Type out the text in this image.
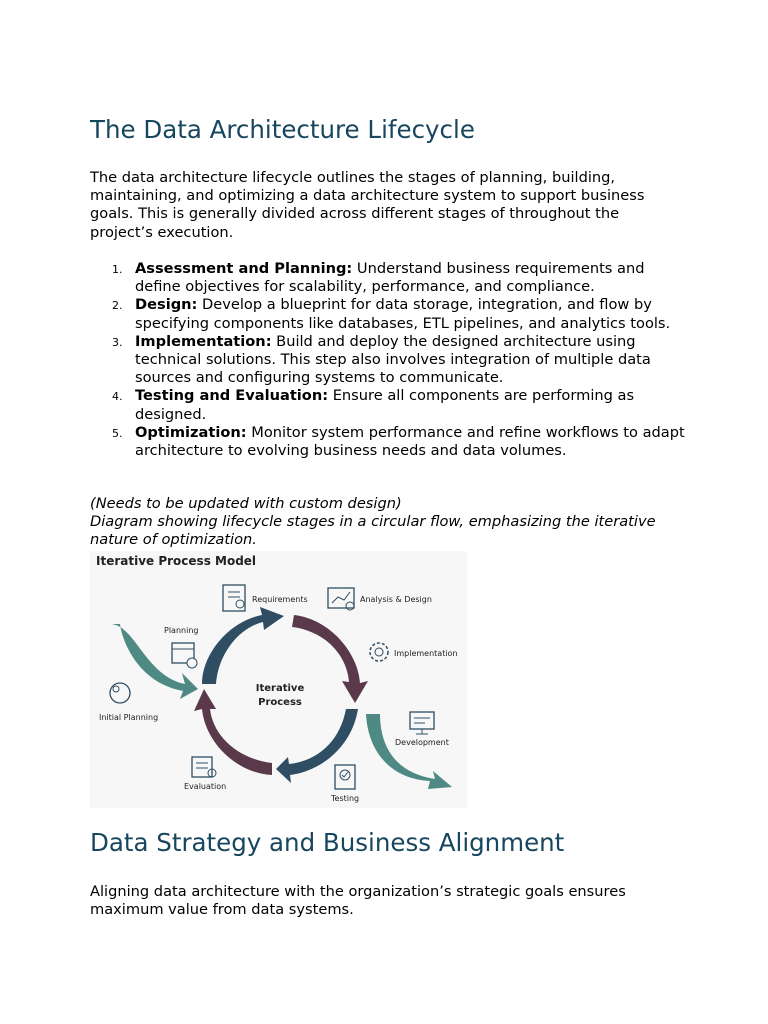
The Data Architecture Lifecycle

The data architecture lifecycle outlines the stages of planning, building, maintaining, and optimizing a data architecture system to support business goals. This is generally divided across different stages of throughout the project’s execution.

1. Assessment and Planning: Understand business requirements and define objectives for scalability, performance, and compliance.
2. Design: Develop a blueprint for data storage, integration, and flow by specifying components like databases, ETL pipelines, and analytics tools.
3. Implementation: Build and deploy the designed architecture using technical solutions. This step also involves integration of multiple data sources and configuring systems to communicate.
4. Testing and Evaluation: Ensure all components are performing as designed.
5. Optimization: Monitor system performance and refine workflows to adapt architecture to evolving business needs and data volumes.

(Needs to be updated with custom design)
Diagram showing lifecycle stages in a circular flow, emphasizing the iterative nature of optimization.

Data Strategy and Business Alignment

Aligning data architecture with the organization’s strategic goals ensures maximum value from data systems.

Iterative Process Model
Iterative
Process
Requirements	Analysis & Design
Implementation
Development
Testing
Evaluation
Planning
Initial Planning
